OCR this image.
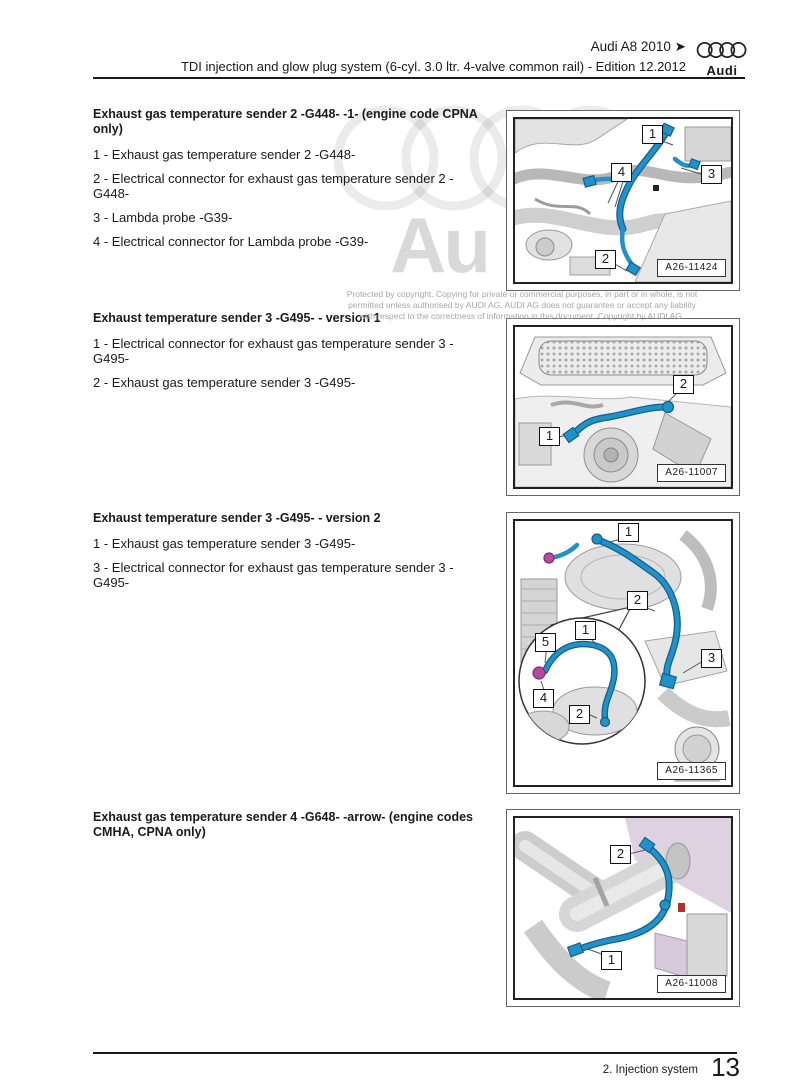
Au
Audi A8 2010 ➤
TDI injection and glow plug system (6-cyl. 3.0 ltr. 4-valve common rail) - Edition 12.2012	Audi
Protected by copyright. Copying for private or commercial purposes, in part or in whole, is not
permitted unless authorised by AUDI AG. AUDI AG does not guarantee or accept any liability
with respect to the correctness of information in this document. Copyright by AUDI AG.
Exhaust gas temperature sender 2 -G448- -1- (engine code CPNA only)
1 - Exhaust gas temperature sender 2 -G448-
2 - Electrical connector for exhaust gas temperature sender 2 - G448-
3 - Lambda probe -G39-
4 - Electrical connector for Lambda probe -G39-
Exhaust temperature sender 3 -G495- - version 1
1 - Electrical connector for exhaust gas temperature sender 3 - G495-
2 - Exhaust gas temperature sender 3 -G495-
Exhaust temperature sender 3 -G495- - version 2
1 - Exhaust gas temperature sender 3 -G495-
3 - Electrical connector for exhaust gas temperature sender 3 - G495-
Exhaust gas temperature sender 4 -G648- -arrow- (engine codes CMHA, CPNA only)
1
4	3
2
A26-11424
2
1
A26-11007
1
2
3
1
5
4
2
A26-11365
2
1
A26-11008
2. Injection system 13
